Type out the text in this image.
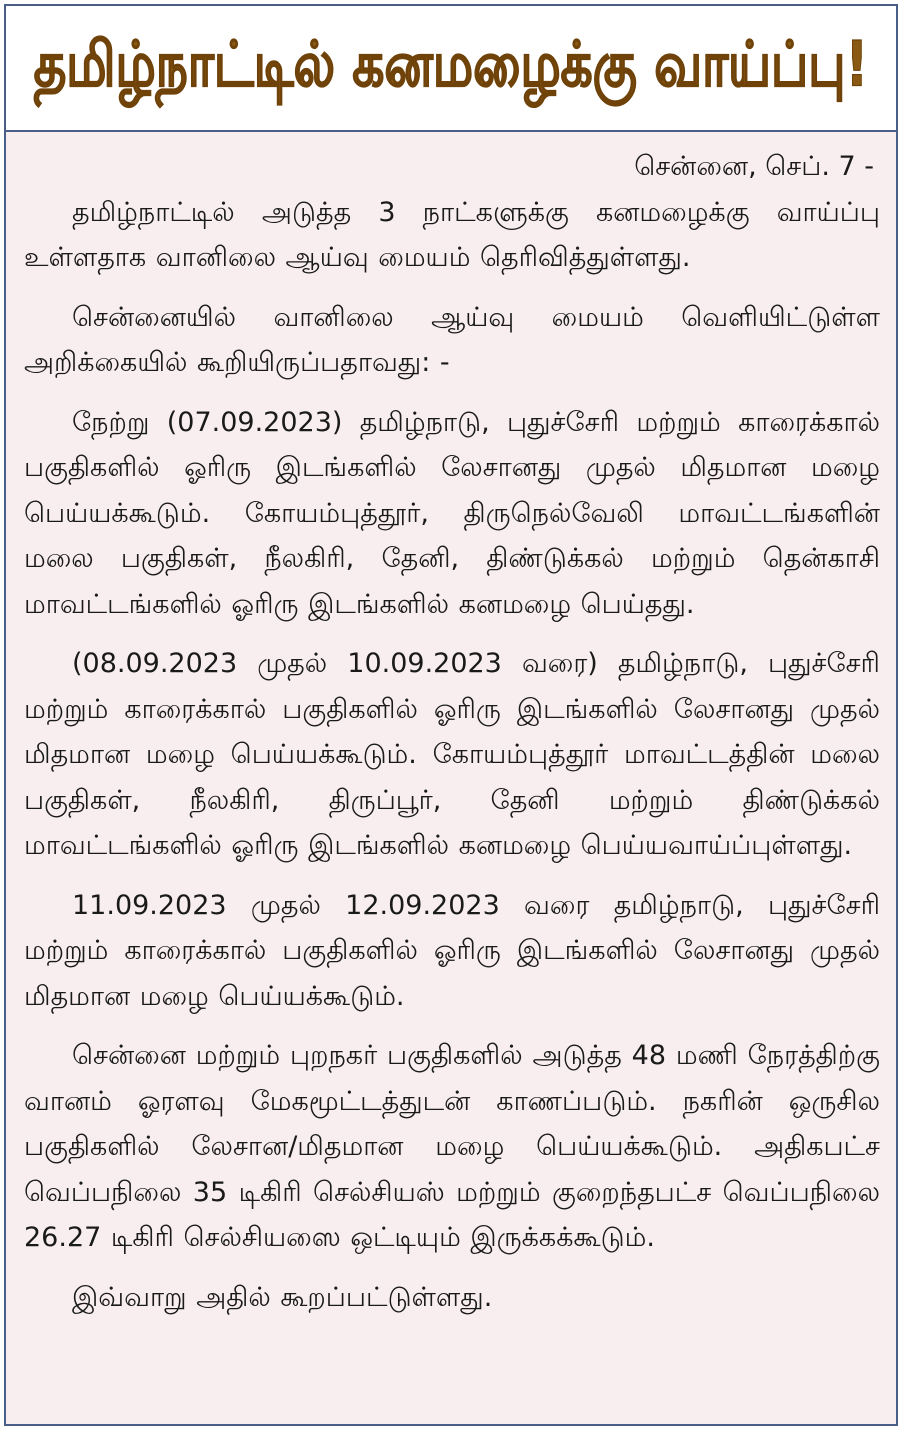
தமிழ்நாட்டில் கனமழைக்கு வாய்ப்பு!
சென்னை, செப். 7 -

தமிழ்நாட்டில் அடுத்த 3 நாட்களுக்கு கனமழைக்கு வாய்ப்பு உள்ளதாக வானிலை ஆய்வு மையம் தெரிவித்துள்ளது.

சென்னையில் வானிலை ஆய்வு மையம் வெளியிட்டுள்ள அறிக்கையில் கூறியிருப்பதாவது: -

நேற்று (07.09.2023) தமிழ்நாடு, புதுச்சேரி மற்றும் காரைக்கால் பகுதிகளில் ஓரிரு இடங்களில் லேசானது முதல் மிதமான மழை பெய்யக்கூடும். கோயம்புத்தூர், திருநெல்வேலி மாவட்டங்களின் மலை பகுதிகள், நீலகிரி, தேனி, திண்டுக்கல் மற்றும் தென்காசி மாவட்டங்களில் ஓரிரு இடங்களில் கனமழை பெய்தது.

(08.09.2023 முதல் 10.09.2023 வரை) தமிழ்நாடு, புதுச்சேரி மற்றும் காரைக்கால் பகுதிகளில் ஓரிரு இடங்களில் லேசானது முதல் மிதமான மழை பெய்யக்கூடும். கோயம்புத்தூர் மாவட்டத்தின் மலை பகுதிகள், நீலகிரி, திருப்பூர், தேனி மற்றும் திண்டுக்கல் மாவட்டங்களில் ஓரிரு இடங்களில் கனமழை பெய்யவாய்ப்புள்ளது.

11.09.2023 முதல் 12.09.2023 வரை தமிழ்நாடு, புதுச்சேரி மற்றும் காரைக்கால் பகுதிகளில் ஓரிரு இடங்களில் லேசானது முதல் மிதமான மழை பெய்யக்கூடும்.

சென்னை மற்றும் புறநகர் பகுதிகளில் அடுத்த 48 மணி நேரத்திற்கு வானம் ஓரளவு மேகமூட்டத்துடன் காணப்படும். நகரின் ஒருசில பகுதிகளில் லேசான/மிதமான மழை பெய்யக்கூடும். அதிகபட்ச வெப்பநிலை 35 டிகிரி செல்சியஸ் மற்றும் குறைந்தபட்ச வெப்பநிலை 26.27 டிகிரி செல்சியஸை ஒட்டியும் இருக்கக்கூடும்.

இவ்வாறு அதில் கூறப்பட்டுள்ளது.
